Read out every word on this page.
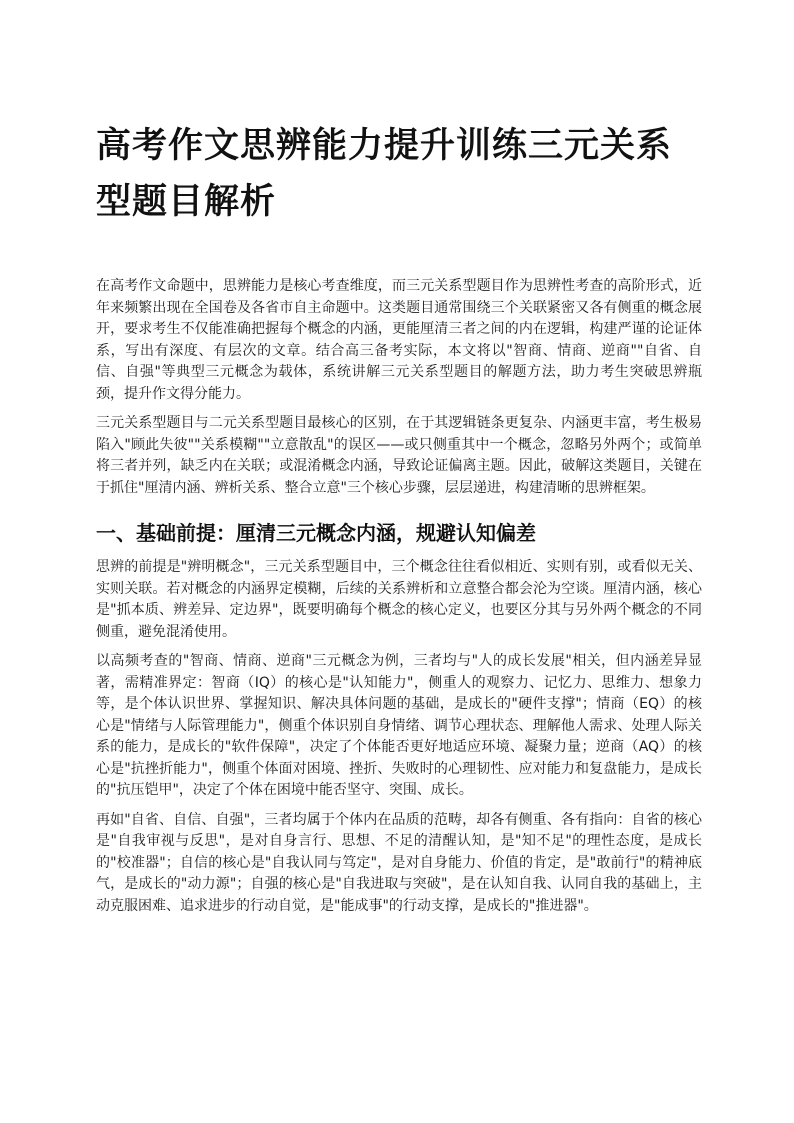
高考作文思辨能力提升训练三元关系型题目解析

在高考作文命题中，思辨能力是核心考查维度，而三元关系型题目作为思辨性考查的高阶形式，近年来频繁出现在全国卷及各省市自主命题中。这类题目通常围绕三个关联紧密又各有侧重的概念展开，要求考生不仅能准确把握每个概念的内涵，更能厘清三者之间的内在逻辑，构建严谨的论证体系，写出有深度、有层次的文章。结合高三备考实际，本文将以"智商、情商、逆商""自省、自信、自强"等典型三元概念为载体，系统讲解三元关系型题目的解题方法，助力考生突破思辨瓶颈，提升作文得分能力。

三元关系型题目与二元关系型题目最核心的区别，在于其逻辑链条更复杂、内涵更丰富，考生极易陷入"顾此失彼""关系模糊""立意散乱"的误区——或只侧重其中一个概念，忽略另外两个；或简单将三者并列，缺乏内在关联；或混淆概念内涵，导致论证偏离主题。因此，破解这类题目，关键在于抓住"厘清内涵、辨析关系、整合立意"三个核心步骤，层层递进，构建清晰的思辨框架。

一、基础前提：厘清三元概念内涵，规避认知偏差

思辨的前提是"辨明概念"，三元关系型题目中，三个概念往往看似相近、实则有别，或看似无关、实则关联。若对概念的内涵界定模糊，后续的关系辨析和立意整合都会沦为空谈。厘清内涵，核心是"抓本质、辨差异、定边界"，既要明确每个概念的核心定义，也要区分其与另外两个概念的不同侧重，避免混淆使用。

以高频考查的"智商、情商、逆商"三元概念为例，三者均与"人的成长发展"相关，但内涵差异显著，需精准界定：智商（IQ）的核心是"认知能力"，侧重人的观察力、记忆力、思维力、想象力等，是个体认识世界、掌握知识、解决具体问题的基础，是成长的"硬件支撑"；情商（EQ）的核心是"情绪与人际管理能力"，侧重个体识别自身情绪、调节心理状态、理解他人需求、处理人际关系的能力，是成长的"软件保障"，决定了个体能否更好地适应环境、凝聚力量；逆商（AQ）的核心是"抗挫折能力"，侧重个体面对困境、挫折、失败时的心理韧性、应对能力和复盘能力，是成长的"抗压铠甲"，决定了个体在困境中能否坚守、突围、成长。

再如"自省、自信、自强"，三者均属于个体内在品质的范畴，却各有侧重、各有指向：自省的核心是"自我审视与反思"，是对自身言行、思想、不足的清醒认知，是"知不足"的理性态度，是成长的"校准器"；自信的核心是"自我认同与笃定"，是对自身能力、价值的肯定，是"敢前行"的精神底气，是成长的"动力源"；自强的核心是"自我进取与突破"，是在认知自我、认同自我的基础上，主动克服困难、追求进步的行动自觉，是"能成事"的行动支撑，是成长的"推进器"。
